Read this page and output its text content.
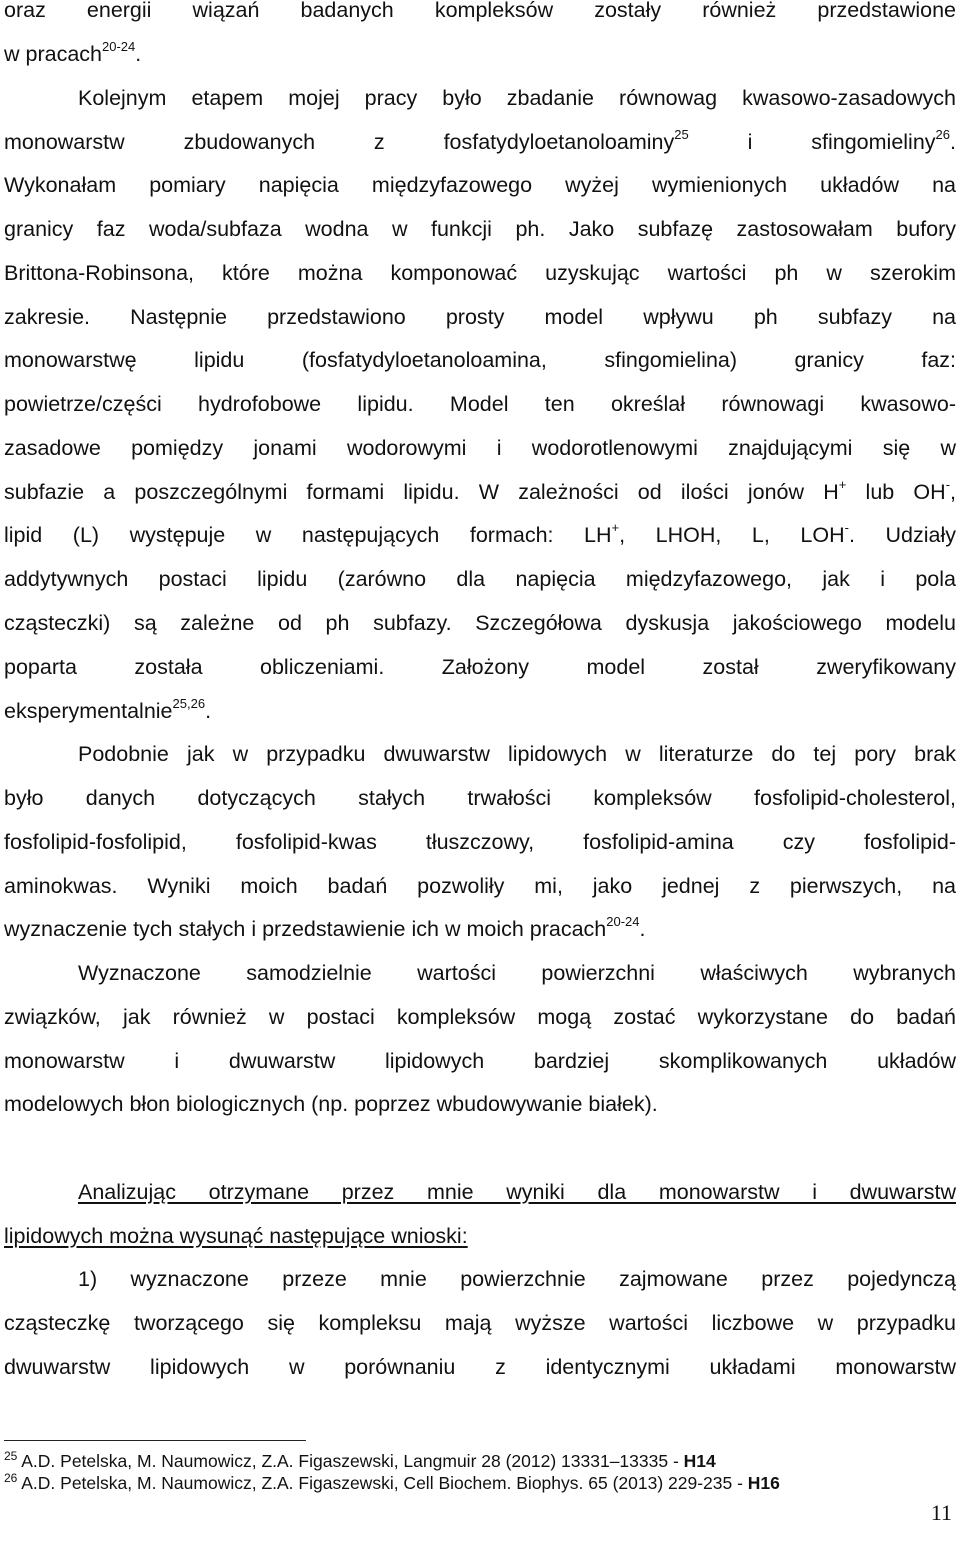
oraz energii wiązań badanych kompleksów zostały również przedstawione
w pracach$^{20-24}$.
Kolejnym etapem mojej pracy było zbadanie równowag kwasowo-zasadowych
monowarstw zbudowanych z fosfatydyloetanoloaminy$^{25}$ i sfingomieliny$^{26}$.
Wykonałam pomiary napięcia międzyfazowego wyżej wymienionych układów na
granicy faz woda/subfaza wodna w funkcji ph. Jako subfazę zastosowałam bufory
Brittona-Robinsona, które można komponować uzyskując wartości ph w szerokim
zakresie. Następnie przedstawiono prosty model wpływu ph subfazy na
monowarstwę lipidu (fosfatydyloetanoloamina, sfingomielina) granicy faz:
powietrze/części hydrofobowe lipidu. Model ten określał równowagi kwasowo-
zasadowe pomiędzy jonami wodorowymi i wodorotlenowymi znajdującymi się w
subfazie a poszczególnymi formami lipidu. W zależności od ilości jonów H+ lub OH-,
lipid (L) występuje w następujących formach: LH+, LHOH, L, LOH-. Udziały
addytywnych postaci lipidu (zarówno dla napięcia międzyfazowego, jak i pola
cząsteczki) są zależne od ph subfazy. Szczegółowa dyskusja jakościowego modelu
poparta została obliczeniami. Założony model został zweryfikowany
eksperymentalnie$^{25,26}$.
Podobnie jak w przypadku dwuwarstw lipidowych w literaturze do tej pory brak
było danych dotyczących stałych trwałości kompleksów fosfolipid-cholesterol,
fosfolipid-fosfolipid, fosfolipid-kwas tłuszczowy, fosfolipid-amina czy fosfolipid-
aminokwas. Wyniki moich badań pozwoliły mi, jako jednej z pierwszych, na
wyznaczenie tych stałych i przedstawienie ich w moich pracach$^{20-24}$.
Wyznaczone samodzielnie wartości powierzchni właściwych wybranych
związków, jak również w postaci kompleksów mogą zostać wykorzystane do badań
monowarstw i dwuwarstw lipidowych bardziej skomplikowanych układów
modelowych błon biologicznych (np. poprzez wbudowywanie białek).
Analizując otrzymane przez mnie wyniki dla monowarstw i dwuwarstw
lipidowych można wysunąć następujące wnioski:
1) wyznaczone przeze mnie powierzchnie zajmowane przez pojedynczą
cząsteczkę tworzącego się kompleksu mają wyższe wartości liczbowe w przypadku
dwuwarstw lipidowych w porównaniu z identycznymi układami monowarstw
$^{25}$ A.D. Petelska, M. Naumowicz, Z.A. Figaszewski, Langmuir 28 (2012) 13331–13335 - H14
$^{26}$ A.D. Petelska, M. Naumowicz, Z.A. Figaszewski, Cell Biochem. Biophys. 65 (2013) 229-235 - H16
11
